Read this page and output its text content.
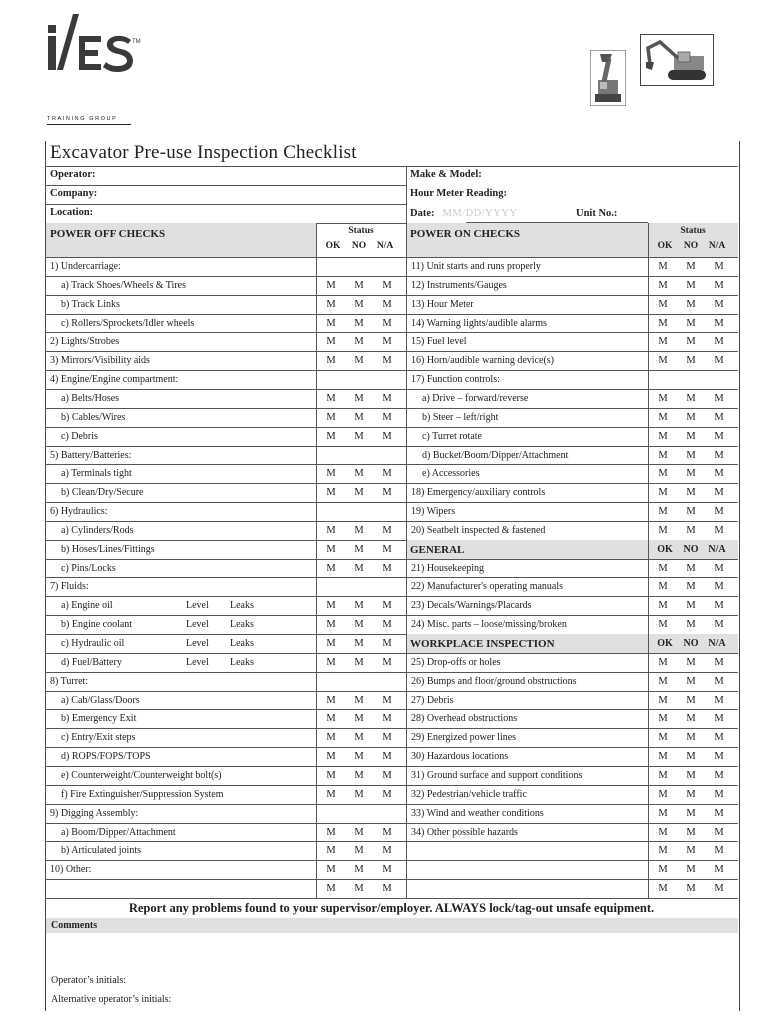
TM
TRAINING GROUP
Excavator Pre-use Inspection Checklist
Operator:
Company:
Location:
Make & Model:
Hour Meter Reading:
Date: MM/DD/YYYY	Unit No.:
POWER OFF CHECKS	POWER ON CHECKS
Status
OK	NO	N/A
Status
OK	NO	N/A
1) Undercarriage:
a) Track Shoes/Wheels & Tires	M	M	M
b) Track Links	M	M	M
c) Rollers/Sprockets/Idler wheels	M	M	M
2) Lights/Strobes	M	M	M
3) Mirrors/Visibility aids	M	M	M
4) Engine/Engine compartment:
a) Belts/Hoses	M	M	M
b) Cables/Wires	M	M	M
c) Debris	M	M	M
5) Battery/Batteries:
a) Terminals tight	M	M	M
b) Clean/Dry/Secure	M	M	M
6) Hydraulics:
a) Cylinders/Rods	M	M	M
b) Hoses/Lines/Fittings	M	M	M
c) Pins/Locks	M	M	M
7) Fluids:
a) Engine oil	Level Leaks	M	M	M
b) Engine coolant	Level Leaks	M	M	M
c) Hydraulic oil	Level Leaks	M	M	M
d) Fuel/Battery	Level Leaks	M	M	M
8) Turret:
a) Cab/Glass/Doors	M	M	M
b) Emergency Exit	M	M	M
c) Entry/Exit steps	M	M	M
d) ROPS/FOPS/TOPS	M	M	M
e) Counterweight/Counterweight bolt(s)	M	M	M
f) Fire Extinguisher/Suppression System	M	M	M
9) Digging Assembly:
a) Boom/Dipper/Attachment	M	M	M
b) Articulated joints	M	M	M
10) Other:	M	M	M
M	M	M
11) Unit starts and runs properly	M	M	M
12) Instruments/Gauges	M	M	M
13) Hour Meter	M	M	M
14) Warning lights/audible alarms	M	M	M
15) Fuel level	M	M	M
16) Horn/audible warning device(s)	M	M	M
17) Function controls:
a) Drive – forward/reverse	M	M	M
b) Steer – left/right	M	M	M
c) Turret rotate	M	M	M
d) Bucket/Boom/Dipper/Attachment	M	M	M
e) Accessories	M	M	M
18) Emergency/auxiliary controls	M	M	M
19) Wipers	M	M	M
20) Seatbelt inspected & fastened	M	M	M
GENERAL	OK	NO N/A
21) Housekeeping	M	M	M
22) Manufacturer's operating manuals	M	M	M
23) Decals/Warnings/Placards	M	M	M
24) Misc. parts – loose/missing/broken	M	M	M
WORKPLACE INSPECTION	OK	NO N/A
25) Drop-offs or holes	M	M	M
26) Bumps and floor/ground obstructions	M	M	M
27) Debris	M	M	M
28) Overhead obstructions	M	M	M
29) Energized power lines	M	M	M
30) Hazardous locations	M	M	M
31) Ground surface and support conditions	M	M	M
32) Pedestrian/vehicle traffic	M	M	M
33) Wind and weather conditions	M	M	M
34) Other possible hazards	M	M	M
M	M	M
M	M	M
M	M	M
Report any problems found to your supervisor/employer. ALWAYS lock/tag-out unsafe equipment.
Comments
Operator’s initials:
Alternative operator’s initials:
